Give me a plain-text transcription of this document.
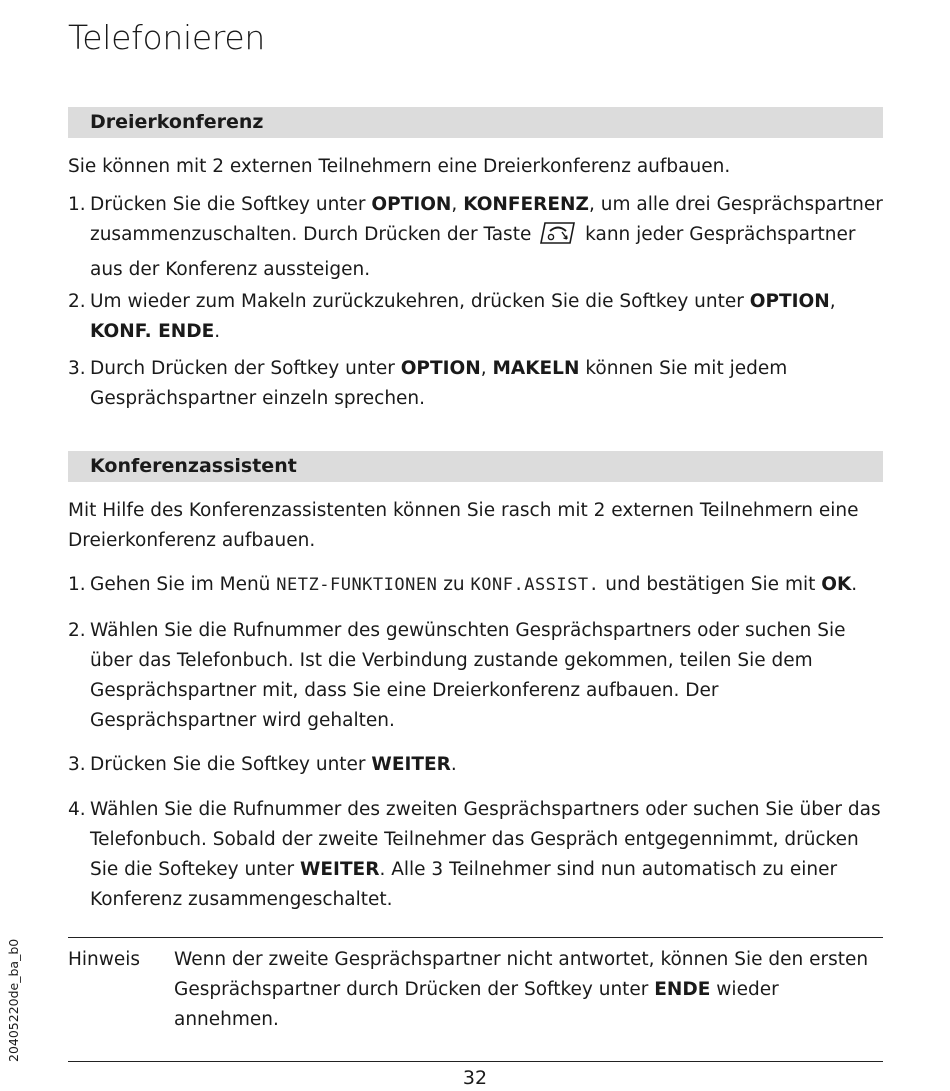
Telefonieren
Dreierkonferenz
Sie können mit 2 externen Teilnehmern eine Dreierkonferenz aufbauen.
1. Drücken Sie die Softkey unter OPTION, KONFERENZ, um alle drei Gesprächspartner zusammenzuschalten. Durch Drücken der Taste  kann jeder Gesprächspartner aus der Konferenz aussteigen.
2. Um wieder zum Makeln zurückzukehren, drücken Sie die Softkey unter OPTION, KONF. ENDE.
3. Durch Drücken der Softkey unter OPTION, MAKELN können Sie mit jedem Gesprächspartner einzeln sprechen.
Konferenzassistent
Mit Hilfe des Konferenzassistenten können Sie rasch mit 2 externen Teilnehmern eine Dreierkonferenz aufbauen.
1. Gehen Sie im Menü NETZ-FUNKTIONEN zu KONF.ASSIST. und bestätigen Sie mit OK.
2. Wählen Sie die Rufnummer des gewünschten Gesprächspartners oder suchen Sie über das Telefonbuch. Ist die Verbindung zustande gekommen, teilen Sie dem Gesprächspartner mit, dass Sie eine Dreierkonferenz aufbauen. Der Gesprächspartner wird gehalten.
3. Drücken Sie die Softkey unter WEITER.
4. Wählen Sie die Rufnummer des zweiten Gesprächspartners oder suchen Sie über das Telefonbuch. Sobald der zweite Teilnehmer das Gespräch entgegennimmt, drücken Sie die Softekey unter WEITER. Alle 3 Teilnehmer sind nun automatisch zu einer Konferenz zusammengeschaltet.
Hinweis Wenn der zweite Gesprächspartner nicht antwortet, können Sie den ersten Gesprächspartner durch Drücken der Softkey unter ENDE wieder annehmen.
20405220de_ba_b0
32
